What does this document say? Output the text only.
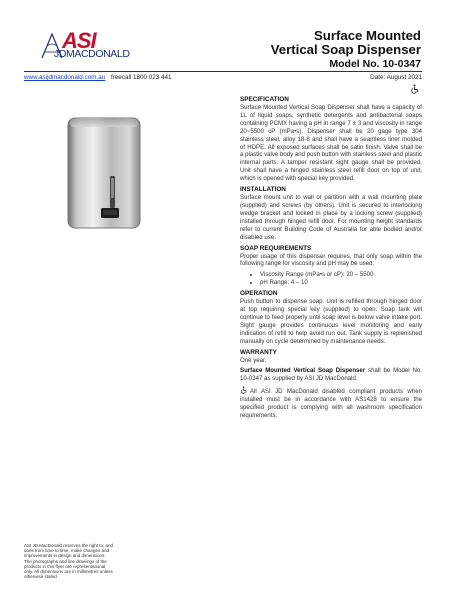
ASI
JDMACDONALD
Surface Mounted
Vertical Soap Dispenser
Model No. 10-0347
www.asijdmacdonald.com.au freecall 1800 023 441	Date: August 2021
SPECIFICATION

Surface Mounted Vertical Soap Dispenser shall have a capacity of 1L of liquid soaps, synthetic detergents and antibacterial soaps containing PCMX having a pH in range 7 ± 3 and viscosity in range 20~5500 cP (mPa•s). Dispenser shall be 20 gage type 304 stainless steel, alloy 18-8 and shall have a seamless liner molded of HDPE. All exposed surfaces shall be satin finish. Valve shall be a plastic valve body and push button with stainless steel and plastic internal parts. A tamper resistant sight gauge shall be provided. Unit shall have a hinged stainless steel refill door on top of unit, which is opened with special key provided.

INSTALLATION

Surface mount unit to wall or partition with a wall mounting plate (supplied) and screws (by others). Unit is secured to interlocking wedge bracket and locked in place by a locking screw (supplied) installed through hinged refill door. For mounting height standards refer to current Building Code of Australia for able bodied and/or disabled use.

SOAP REQUIREMENTS

Proper usage of this dispenser requires, that only soap within the following range for viscosity and pH may be used:

• Viscosity Range (mPa•s or cP): 20 – 5500
• pH Range: 4 – 10
OPERATION

Push button to dispense soap. Unit is refilled through hinged door at top requiring special key (supplied) to open. Soap tank will continue to feed properly until soap level is below valve intake port. Sight gauge provides continuous level monitoring and early indication of refill to help avoid run out. Tank supply is replenished manually on cycle determined by maintenance needs.

WARRANTY

One year.

Surface Mounted Vertical Soap Dispenser shall be Model No. 10-0347 as supplied by ASI JD MacDonald.

All ASI JD MacDonald disabled compliant products when installed must be in accordance with AS1428 to ensure the specified product is complying with all washroom specification requirements.

ASI JD MacDonald reserves the right to, and does from time to time, make changes and improvements in design and dimensions. The photographs and line drawings of the products in this flyer are representational only. All dimensions are in millimetres unless otherwise stated.
